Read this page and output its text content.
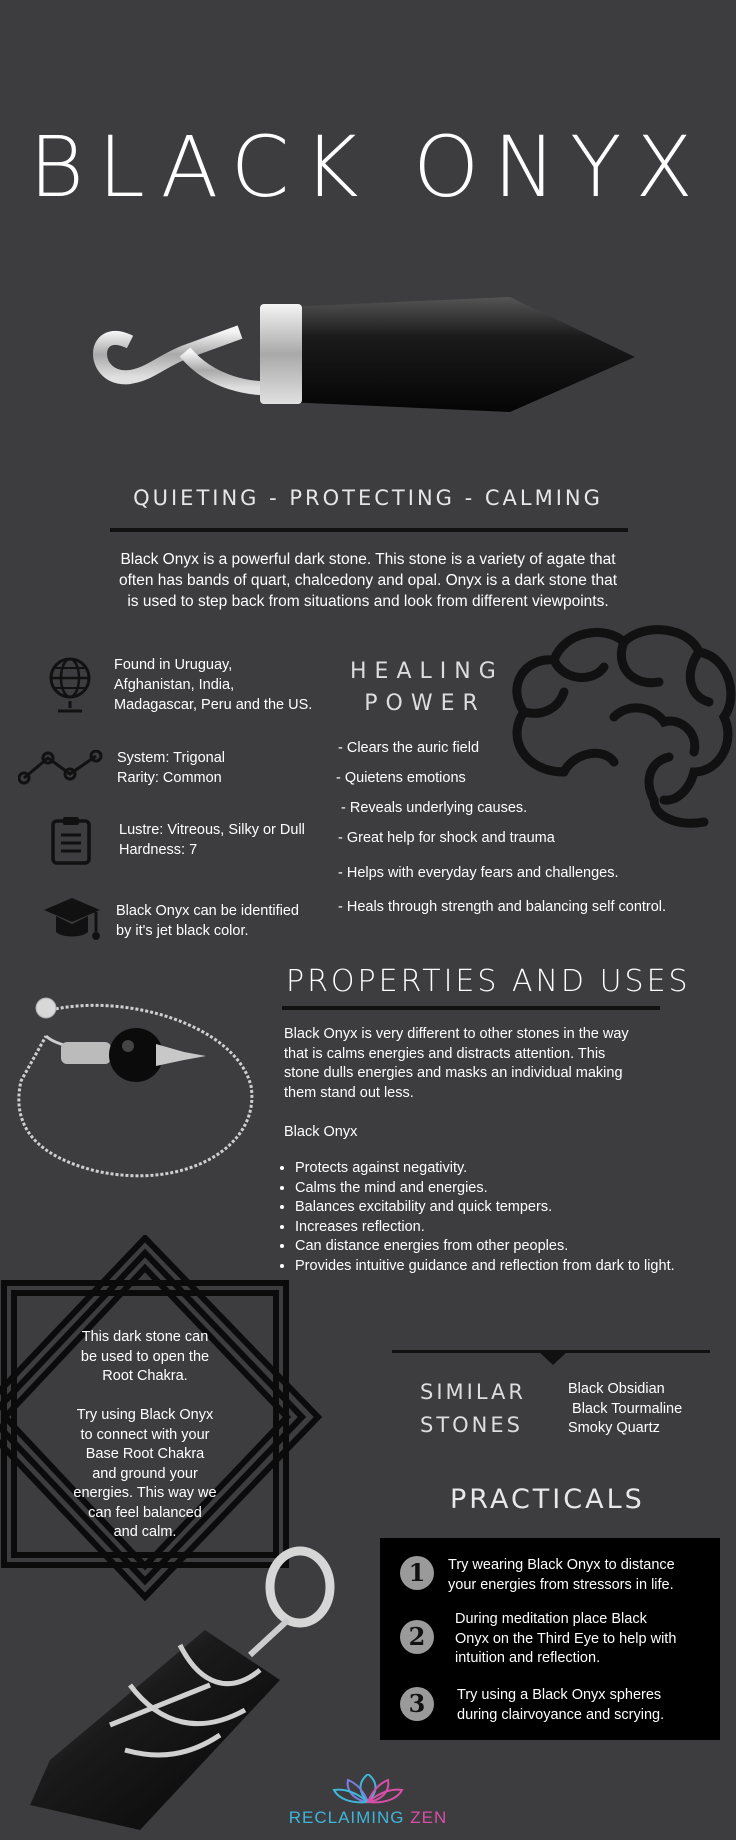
BLACK ONYX
QUIETING - PROTECTING - CALMING
Black Onyx is a powerful dark stone. This stone is a variety of agate that
often has bands of quart, chalcedony and opal. Onyx is a dark stone that
is used to step back from situations and look from different viewpoints.
Found in Uruguay,
Afghanistan, India,
Madagascar, Peru and the US.
System: Trigonal
Rarity: Common
Lustre: Vitreous, Silky or Dull
Hardness: 7
Black Onyx can be identified
by it's jet black color.
HEALING
POWER
- Clears the auric field
- Quietens emotions
- Reveals underlying causes.
- Great help for shock and trauma
- Helps with everyday fears and challenges.
- Heals through strength and balancing self control.
PROPERTIES AND USES
Black Onyx is very different to other stones in the way
that is calms energies and distracts attention. This
stone dulls energies and masks an individual making
them stand out less.
Black Onyx
• Protects against negativity.
• Calms the mind and energies.
• Balances excitability and quick tempers.
• Increases reflection.
• Can distance energies from other peoples.
• Provides intuitive guidance and reflection from dark to light.
This dark stone can
be used to open the
Root Chakra.
Try using Black Onyx
to connect with your
Base Root Chakra
and ground your
energies. This way we
can feel balanced
and calm.
SIMILAR
STONES
Black Obsidian
Black Tourmaline
Smoky Quartz
PRACTICALS
1	Try wearing Black Onyx to distance
your energies from stressors in life.
2
During meditation place Black
Onyx on the Third Eye to help with
intuition and reflection.
3	Try using a Black Onyx spheres
during clairvoyance and scrying.
RECLAIMING ZEN
